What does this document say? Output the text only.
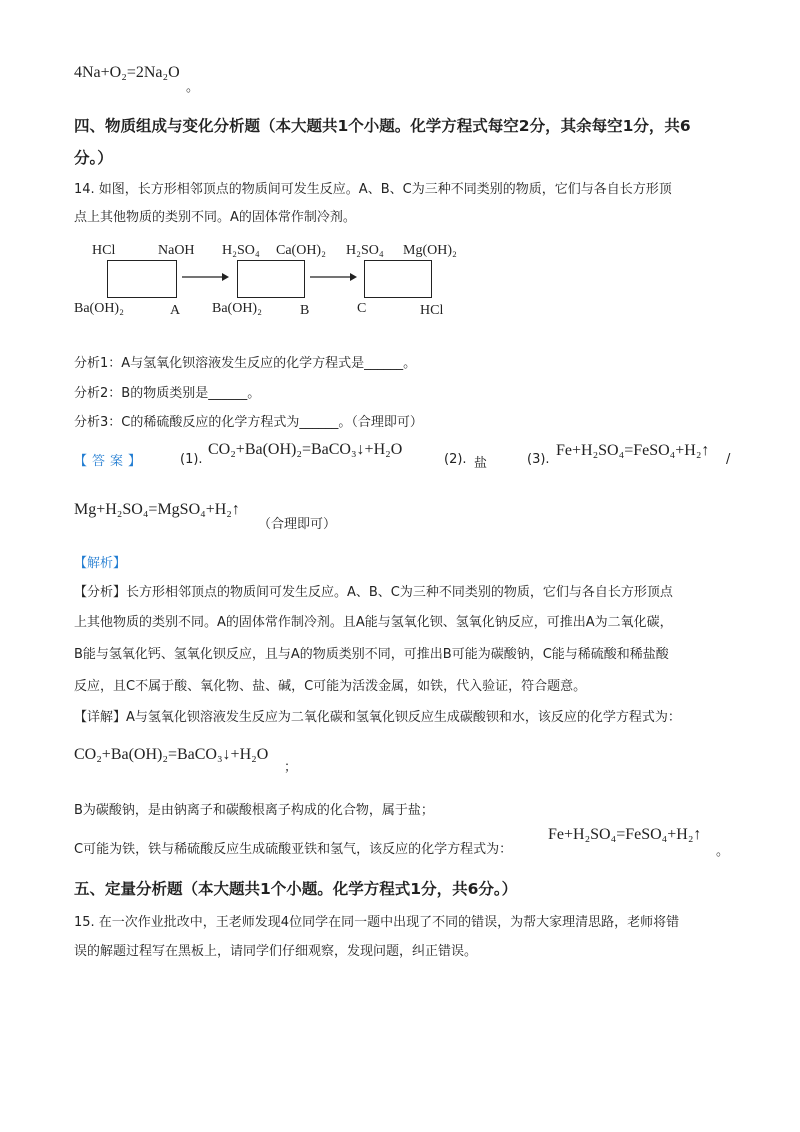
4Na+O₂=2Na₂O
。
四、物质组成与变化分析题（本大题共1个小题。化学方程式每空2分，其余每空1分，共6
分。）
14. 如图，长方形相邻顶点的物质间可发生反应。A、B、C为三种不同类别的物质，它们与各自长方形顶
点上其他物质的类别不同。A的固体常作制冷剂。
HCl	NaOH
Ba(OH)₂	A
H₂SO₄ Ca(OH)₂
Ba(OH)₂	B
H₂SO₄ Mg(OH)₂
C	HCl
分析1：A与氢氧化钡溶液发生反应的化学方程式是______。
分析2：B的物质类别是______。
分析3：C的稀硫酸反应的化学方程式为______。（合理即可）
【答案】	(1).
CO₂+Ba(OH)₂=BaCO₃↓+H₂O
(2). 盐	(3).
Fe+H₂SO₄=FeSO₄+H₂↑
/
Mg+H₂SO₄=MgSO₄+H₂↑
（合理即可）
【解析】
【分析】长方形相邻顶点的物质间可发生反应。A、B、C为三种不同类别的物质，它们与各自长方形顶点
上其他物质的类别不同。A的固体常作制冷剂。且A能与氢氧化钡、氢氧化钠反应，可推出A为二氧化碳，
B能与氢氧化钙、氢氧化钡反应，且与A的物质类别不同，可推出B可能为碳酸钠，C能与稀硫酸和稀盐酸
反应，且C不属于酸、氧化物、盐、碱，C可能为活泼金属，如铁，代入验证，符合题意。
【详解】A与氢氧化钡溶液发生反应为二氧化碳和氢氧化钡反应生成碳酸钡和水，该反应的化学方程式为：
CO₂+Ba(OH)₂=BaCO₃↓+H₂O
；
B为碳酸钠，是由钠离子和碳酸根离子构成的化合物，属于盐；
C可能为铁，铁与稀硫酸反应生成硫酸亚铁和氢气，该反应的化学方程式为：
Fe+H₂SO₄=FeSO₄+H₂↑
。
五、定量分析题（本大题共1个小题。化学方程式1分，共6分。）
15. 在一次作业批改中，王老师发现4位同学在同一题中出现了不同的错误，为帮大家理清思路，老师将错
误的解题过程写在黑板上，请同学们仔细观察，发现问题，纠正错误。
